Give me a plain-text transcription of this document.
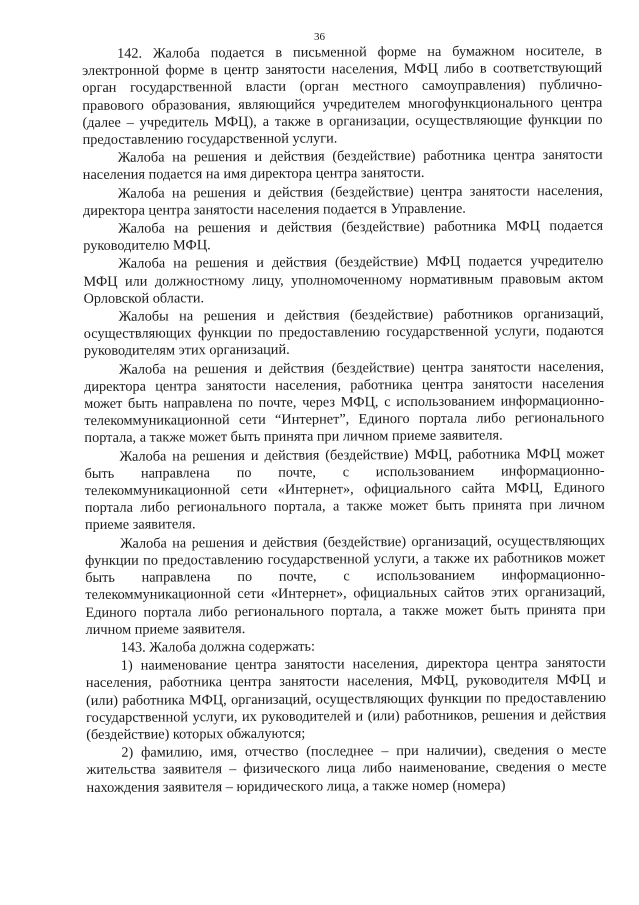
36

142. Жалоба подается в письменной форме на бумажном носителе, в электронной форме в центр занятости населения, МФЦ либо в соответствующий орган государственной власти (орган местного самоуправления) публично-правового образования, являющийся учредителем многофункционального центра (далее – учредитель МФЦ), а также в организации, осуществляющие функции по предоставлению государственной услуги.

Жалоба на решения и действия (бездействие) работника центра занятости населения подается на имя директора центра занятости.

Жалоба на решения и действия (бездействие) центра занятости населения, директора центра занятости населения подается в Управление.

Жалоба на решения и действия (бездействие) работника МФЦ подается руководителю МФЦ.

Жалоба на решения и действия (бездействие) МФЦ подается учредителю МФЦ или должностному лицу, уполномоченному нормативным правовым актом Орловской области.

Жалобы на решения и действия (бездействие) работников организаций, осуществляющих функции по предоставлению государственной услуги, подаются руководителям этих организаций.

Жалоба на решения и действия (бездействие) центра занятости населения, директора центра занятости населения, работника центра занятости населения может быть направлена по почте, через МФЦ, с использованием информационно-телекоммуникационной сети “Интернет”, Единого портала либо регионального портала, а также может быть принята при личном приеме заявителя.

Жалоба на решения и действия (бездействие) МФЦ, работника МФЦ может быть направлена по почте, с использованием информационно-телекоммуникационной сети «Интернет», официального сайта МФЦ, Единого портала либо регионального портала, а также может быть принята при личном приеме заявителя.

Жалоба на решения и действия (бездействие) организаций, осуществляющих функции по предоставлению государственной услуги, а также их работников может быть направлена по почте, с использованием информационно-телекоммуникационной сети «Интернет», официальных сайтов этих организаций, Единого портала либо регионального портала, а также может быть принята при личном приеме заявителя.

143. Жалоба должна содержать:

1) наименование центра занятости населения, директора центра занятости населения, работника центра занятости населения, МФЦ, руководителя МФЦ и (или) работника МФЦ, организаций, осуществляющих функции по предоставлению государственной услуги, их руководителей и (или) работников, решения и действия (бездействие) которых обжалуются;

2) фамилию, имя, отчество (последнее – при наличии), сведения о месте жительства заявителя – физического лица либо наименование, сведения о месте нахождения заявителя – юридического лица, а также номер (номера)
